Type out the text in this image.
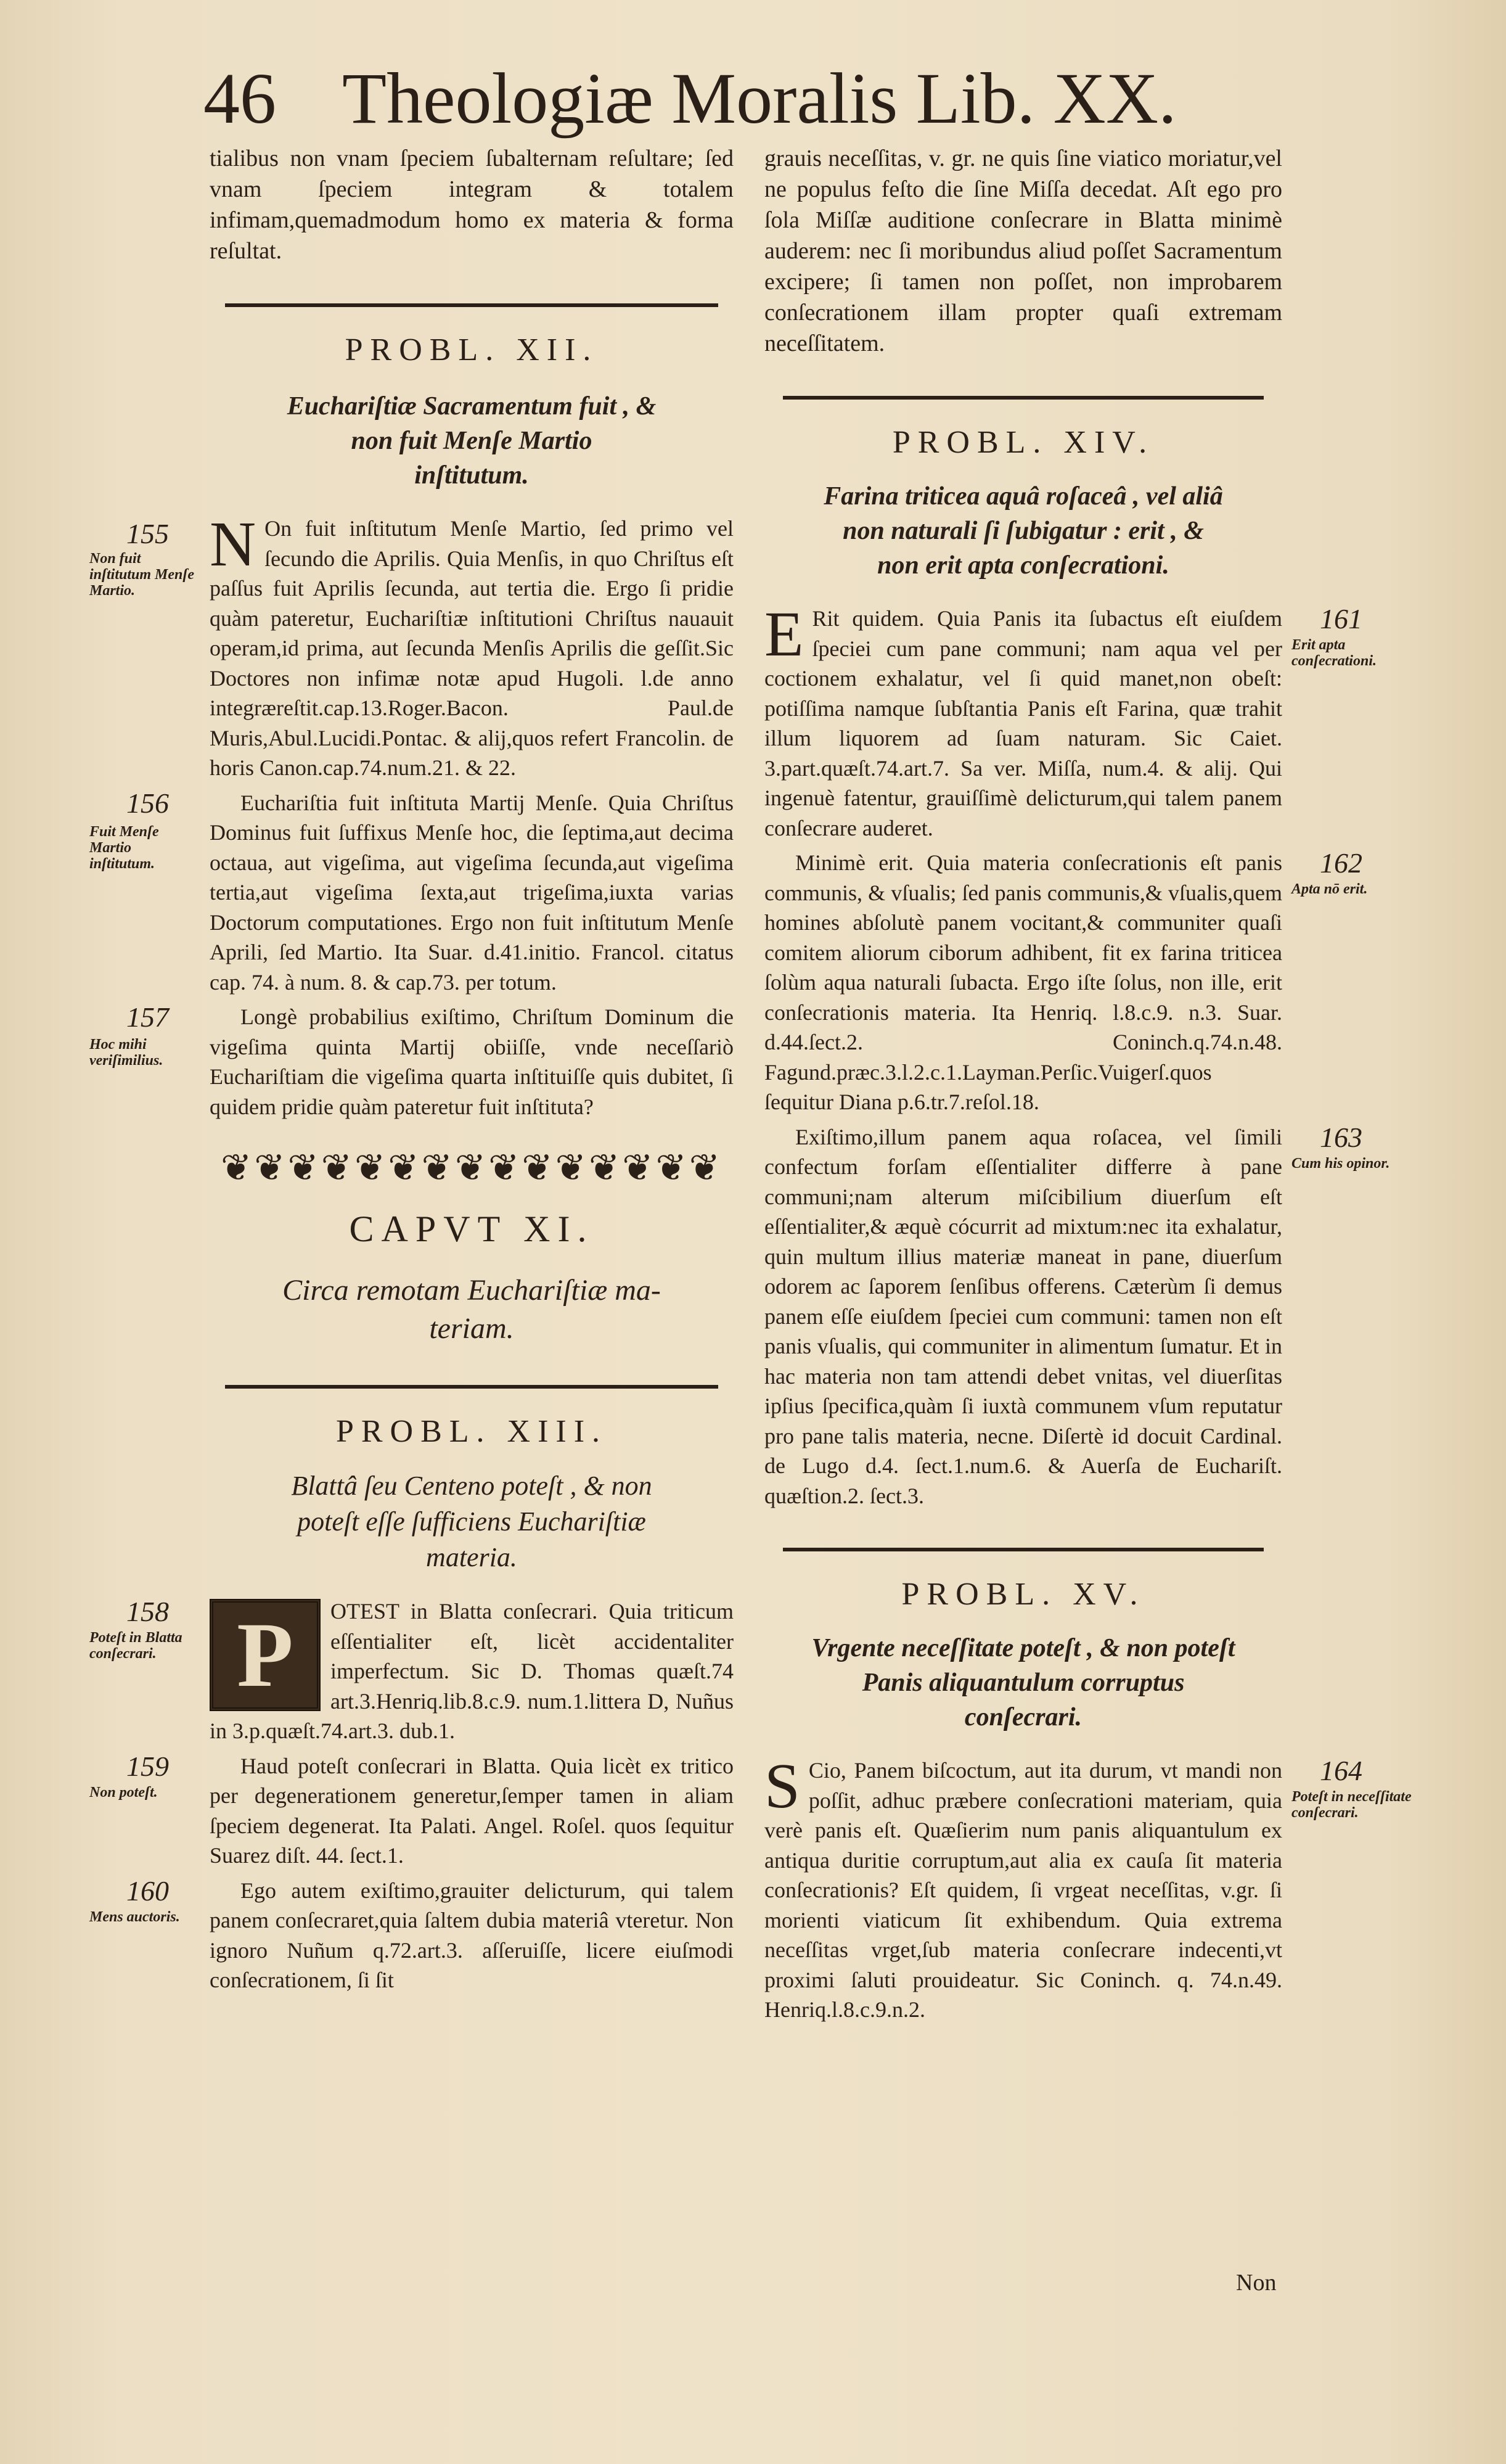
46 Theologiæ Moralis Lib. XX.

tialibus non vnam ſpeciem ſubalternam reſultare; ſed vnam ſpeciem integram & totalem infimam,quemadmodum homo ex materia & forma reſultat.

PROBL. XII.

Euchariſtiæ Sacramentum fuit , &

non fuit Menſe Martio

inſtitutum.

155
Non fuit inſtitutum Menſe Martio.

N On fuit inſtitutum Menſe Martio, ſed primo vel ſecundo die Aprilis. Quia Menſis, in quo Chriſtus eſt paſſus fuit Aprilis ſecunda, aut tertia die. Ergo ſi pridie quàm pateretur, Euchariſtiæ inſtitutioni Chriſtus nauauit operam,id prima, aut ſecunda Menſis Aprilis die geſſit.Sic Doctores non infimæ notæ apud Hugoli. l.de anno integræreſtit.cap.13.Roger.Bacon. Paul.de Muris,Abul.Lucidi.Pontac. & alij,quos refert Francolin. de horis Canon.cap.74.num.21. & 22.

156
Fuit Menſe Martio inſtitutum.

Euchariſtia fuit inſtituta Martij Menſe. Quia Chriſtus Dominus fuit ſuffixus Menſe hoc, die ſeptima,aut decima octaua, aut vigeſima, aut vigeſima ſecunda,aut vigeſima tertia,aut vigeſima ſexta,aut trigeſima,iuxta varias Doctorum computationes. Ergo non fuit inſtitutum Menſe Aprili, ſed Martio. Ita Suar. d.41.initio. Francol. citatus cap. 74. à num. 8. & cap.73. per totum.

157
Hoc mihi veriſimilius.

Longè probabilius exiſtimo, Chriſtum Dominum die vigeſima quinta Martij obiiſſe, vnde neceſſariò Euchariſtiam die vigeſima quarta inſtituiſſe quis dubitet, ſi quidem pridie quàm pateretur fuit inſtituta?

❦❦❦❦❦❦❦❦❦❦❦❦❦❦❦

CAPVT XI.

Circa remotam Euchariſtiæ ma-

teriam.

PROBL. XIII.

Blattâ ſeu Centeno poteſt , & non

poteſt eſſe ſufficiens Euchariſtiæ

materia.

158
Poteſt in Blatta conſecrari. P	OTEST in Blatta conſecrari. Quia triticum eſſentialiter eſt, licèt accidentaliter imperfectum. Sic D. Thomas quæſt.74 art.3.Henriq.lib.8.c.9. num.1.littera D, Nuñus in 3.p.quæſt.74.art.3. dub.1.

159
Non poteſt.

Haud poteſt conſecrari in Blatta. Quia licèt ex tritico per degenerationem generetur,ſemper tamen in aliam ſpeciem degenerat. Ita Palati. Angel. Roſel. quos ſequitur Suarez diſt. 44. ſect.1.

160
Mens auctoris.

Ego autem exiſtimo,grauiter delicturum, qui talem panem conſecraret,quia ſaltem dubia materiâ vteretur. Non ignoro Nuñum q.72.art.3. aſſeruiſſe, licere eiuſmodi conſecrationem, ſi ſit

grauis neceſſitas, v. gr. ne quis ſine viatico moriatur,vel ne populus feſto die ſine Miſſa decedat. Aſt ego pro ſola Miſſæ auditione conſecrare in Blatta minimè auderem: nec ſi moribundus aliud poſſet Sacramentum excipere; ſi tamen non poſſet, non improbarem conſecrationem illam propter quaſi extremam neceſſitatem.

PROBL. XIV.

Farina triticea aquâ roſaceâ , vel aliâ

non naturali ſi ſubigatur : erit , &

non erit apta conſecrationi.

161
Erit apta conſecrationi.

E Rit quidem. Quia Panis ita ſubactus eſt eiuſdem ſpeciei cum pane communi; nam aqua vel per coctionem exhalatur, vel ſi quid manet,non obeſt: potiſſima namque ſubſtantia Panis eſt Farina, quæ trahit illum liquorem ad ſuam naturam. Sic Caiet. 3.part.quæſt.74.art.7. Sa ver. Miſſa, num.4. & alij. Qui ingenuè fatentur, grauiſſimè delicturum,qui talem panem conſecrare auderet.

162
Apta nō erit.

Minimè erit. Quia materia conſecrationis eſt panis communis, & vſualis; ſed panis communis,& vſualis,quem homines abſolutè panem vocitant,& communiter quaſi comitem aliorum ciborum adhibent, fit ex farina triticea ſolùm aqua naturali ſubacta. Ergo iſte ſolus, non ille, erit conſecrationis materia. Ita Henriq. l.8.c.9. n.3. Suar. d.44.ſect.2. Coninch.q.74.n.48. Fagund.præc.3.l.2.c.1.Layman.Perſic.Vuigerſ.quos ſequitur Diana p.6.tr.7.reſol.18.

163
Cum his opinor.

Exiſtimo,illum panem aqua roſacea, vel ſimili confectum forſam eſſentialiter differre à pane communi;nam alterum miſcibilium diuerſum eſt eſſentialiter,& æquè cócurrit ad mixtum:nec ita exhalatur, quin multum illius materiæ maneat in pane, diuerſum odorem ac ſaporem ſenſibus offerens. Cæterùm ſi demus panem eſſe eiuſdem ſpeciei cum communi: tamen non eſt panis vſualis, qui communiter in alimentum ſumatur. Et in hac materia non tam attendi debet vnitas, vel diuerſitas ipſius ſpecifica,quàm ſi iuxtà communem vſum reputatur pro pane talis materia, necne. Diſertè id docuit Cardinal. de Lugo d.4. ſect.1.num.6. & Auerſa de Euchariſt. quæſtion.2. ſect.3.

PROBL. XV.

Vrgente neceſſitate poteſt , & non poteſt

Panis aliquantulum corruptus

conſecrari.

164
Poteſt in neceſſitate conſecrari.

S Cio, Panem biſcoctum, aut ita durum, vt mandi non poſſit, adhuc præbere conſecrationi materiam, quia verè panis eſt. Quæſierim num panis aliquantulum ex antiqua duritie corruptum,aut alia ex cauſa ſit materia conſecrationis? Eſt quidem, ſi vrgeat neceſſitas, v.gr. ſi morienti viaticum ſit exhibendum. Quia extrema neceſſitas vrget,ſub materia conſecrare indecenti,vt proximi ſaluti prouideatur. Sic Coninch. q. 74.n.49. Henriq.l.8.c.9.n.2.

Non
